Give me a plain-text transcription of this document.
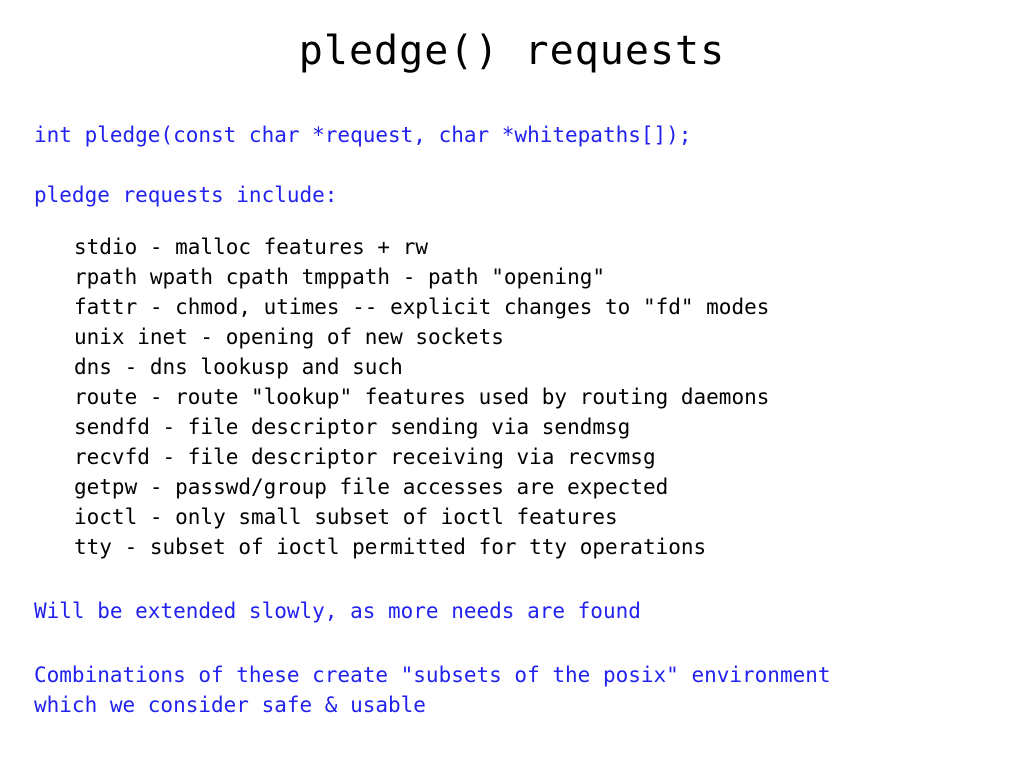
pledge() requests
int pledge(const char *request, char *whitepaths[]);
pledge requests include:
stdio - malloc features + rw
rpath wpath cpath tmppath - path "opening"
fattr - chmod, utimes -- explicit changes to "fd" modes
unix inet - opening of new sockets
dns - dns lookusp and such
route - route "lookup" features used by routing daemons
sendfd - file descriptor sending via sendmsg
recvfd - file descriptor receiving via recvmsg
getpw - passwd/group file accesses are expected
ioctl - only small subset of ioctl features
tty - subset of ioctl permitted for tty operations
Will be extended slowly, as more needs are found
Combinations of these create "subsets of the posix" environment
which we consider safe & usable
